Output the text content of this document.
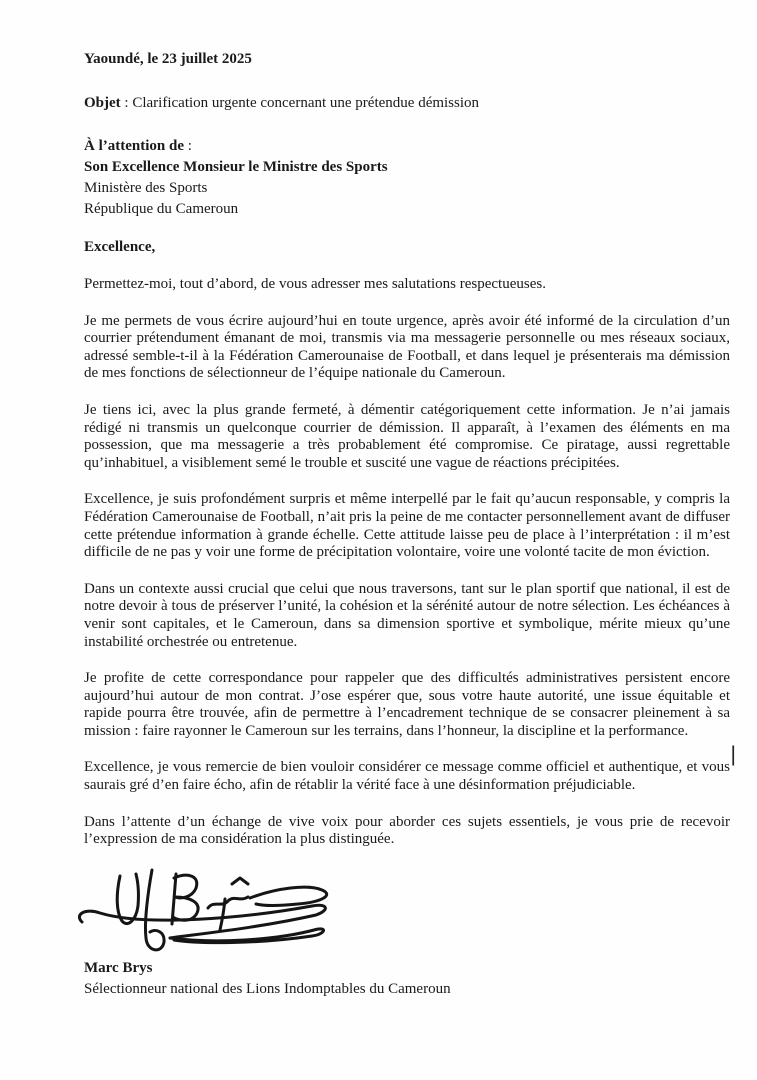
Yaoundé, le 23 juillet 2025

Objet : Clarification urgente concernant une prétendue démission

À l’attention de :

Son Excellence Monsieur le Ministre des Sports

Ministère des Sports

République du Cameroun

Excellence,

Permettez-moi, tout d’abord, de vous adresser mes salutations respectueuses.

Je me permets de vous écrire aujourd’hui en toute urgence, après avoir été informé de la circulation d’un courrier prétendument émanant de moi, transmis via ma messagerie personnelle ou mes réseaux sociaux, adressé semble-t-il à la Fédération Camerounaise de Football, et dans lequel je présenterais ma démission de mes fonctions de sélectionneur de l’équipe nationale du Cameroun.

Je tiens ici, avec la plus grande fermeté, à démentir catégoriquement cette information. Je n’ai jamais rédigé ni transmis un quelconque courrier de démission. Il apparaît, à l’examen des éléments en ma possession, que ma messagerie a très probablement été compromise. Ce piratage, aussi regrettable qu’inhabituel, a visiblement semé le trouble et suscité une vague de réactions précipitées.

Excellence, je suis profondément surpris et même interpellé par le fait qu’aucun responsable, y compris la Fédération Camerounaise de Football, n’ait pris la peine de me contacter personnellement avant de diffuser cette prétendue information à grande échelle. Cette attitude laisse peu de place à l’interprétation : il m’est difficile de ne pas y voir une forme de précipitation volontaire, voire une volonté tacite de mon éviction.

Dans un contexte aussi crucial que celui que nous traversons, tant sur le plan sportif que national, il est de notre devoir à tous de préserver l’unité, la cohésion et la sérénité autour de notre sélection. Les échéances à venir sont capitales, et le Cameroun, dans sa dimension sportive et symbolique, mérite mieux qu’une instabilité orchestrée ou entretenue.

Je profite de cette correspondance pour rappeler que des difficultés administratives persistent encore aujourd’hui autour de mon contrat. J’ose espérer que, sous votre haute autorité, une issue équitable et rapide pourra être trouvée, afin de permettre à l’encadrement technique de se consacrer pleinement à sa mission : faire rayonner le Cameroun sur les terrains, dans l’honneur, la discipline et la performance.

Excellence, je vous remercie de bien vouloir considérer ce message comme officiel et authentique, et vous saurais gré d’en faire écho, afin de rétablir la vérité face à une désinformation préjudiciable.

Dans l’attente d’un échange de vive voix pour aborder ces sujets essentiels, je vous prie de recevoir l’expression de ma considération la plus distinguée.

Marc Brys

Sélectionneur national des Lions Indomptables du Cameroun

|
